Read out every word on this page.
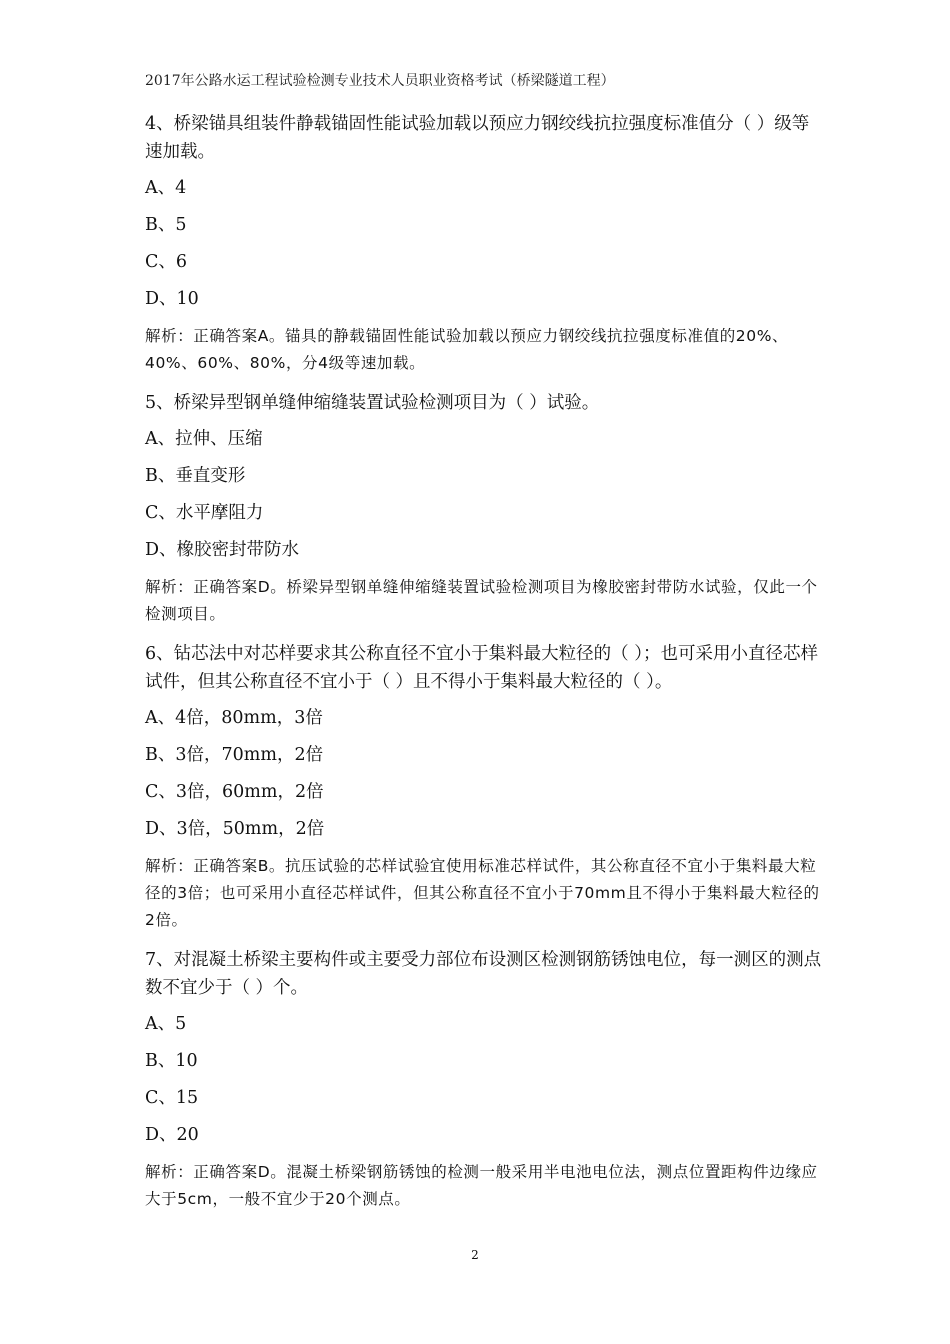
2017年公路水运工程试验检测专业技术人员职业资格考试（桥梁隧道工程）
4、桥梁锚具组装件静载锚固性能试验加载以预应力钢绞线抗拉强度标准值分（ ）级等速加载。
A、4
B、5
C、6
D、10
解析：正确答案A。锚具的静载锚固性能试验加载以预应力钢绞线抗拉强度标准值的20%、40%、60%、80%，分4级等速加载。
5、桥梁异型钢单缝伸缩缝装置试验检测项目为（ ）试验。
A、拉伸、压缩
B、垂直变形
C、水平摩阻力
D、橡胶密封带防水
解析：正确答案D。桥梁异型钢单缝伸缩缝装置试验检测项目为橡胶密封带防水试验，仅此一个检测项目。
6、钻芯法中对芯样要求其公称直径不宜小于集料最大粒径的（ ）；也可采用小直径芯样试件，但其公称直径不宜小于（ ）且不得小于集料最大粒径的（ ）。
A、4倍，80mm，3倍
B、3倍，70mm，2倍
C、3倍，60mm，2倍
D、3倍，50mm，2倍
解析：正确答案B。抗压试验的芯样试验宜使用标准芯样试件，其公称直径不宜小于集料最大粒径的3倍；也可采用小直径芯样试件，但其公称直径不宜小于70mm且不得小于集料最大粒径的2倍。
7、对混凝土桥梁主要构件或主要受力部位布设测区检测钢筋锈蚀电位，每一测区的测点数不宜少于（ ）个。
A、5
B、10
C、15
D、20
解析：正确答案D。混凝土桥梁钢筋锈蚀的检测一般采用半电池电位法，测点位置距构件边缘应大于5cm，一般不宜少于20个测点。
2
